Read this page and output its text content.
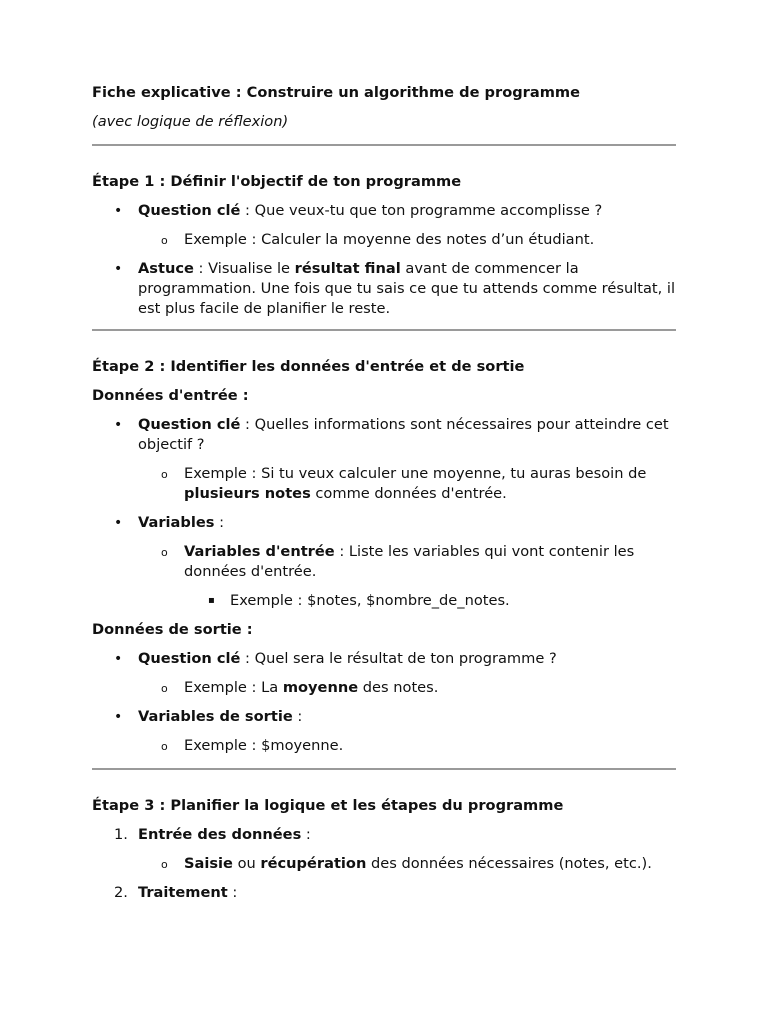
Fiche explicative : Construire un algorithme de programme

(avec logique de réflexion)

Étape 1 : Définir l'objectif de ton programme

• Question clé : Que veux-tu que ton programme accomplisse ?
o Exemple : Calculer la moyenne des notes d’un étudiant.
• Astuce : Visualise le résultat final avant de commencer la programmation. Une fois que tu sais ce que tu attends comme résultat, il est plus facile de planifier le reste.

Étape 2 : Identifier les données d'entrée et de sortie

Données d'entrée :

• Question clé : Quelles informations sont nécessaires pour atteindre cet objectif ?
o Exemple : Si tu veux calculer une moyenne, tu auras besoin de plusieurs notes comme données d'entrée.
• Variables :
o Variables d'entrée : Liste les variables qui vont contenir les données d'entrée.
▪ Exemple : $notes, $nombre_de_notes.

Données de sortie :

• Question clé : Quel sera le résultat de ton programme ?
o Exemple : La moyenne des notes.
• Variables de sortie :
o Exemple : $moyenne.

Étape 3 : Planifier la logique et les étapes du programme

1. Entrée des données :
o Saisie ou récupération des données nécessaires (notes, etc.).
2. Traitement :
